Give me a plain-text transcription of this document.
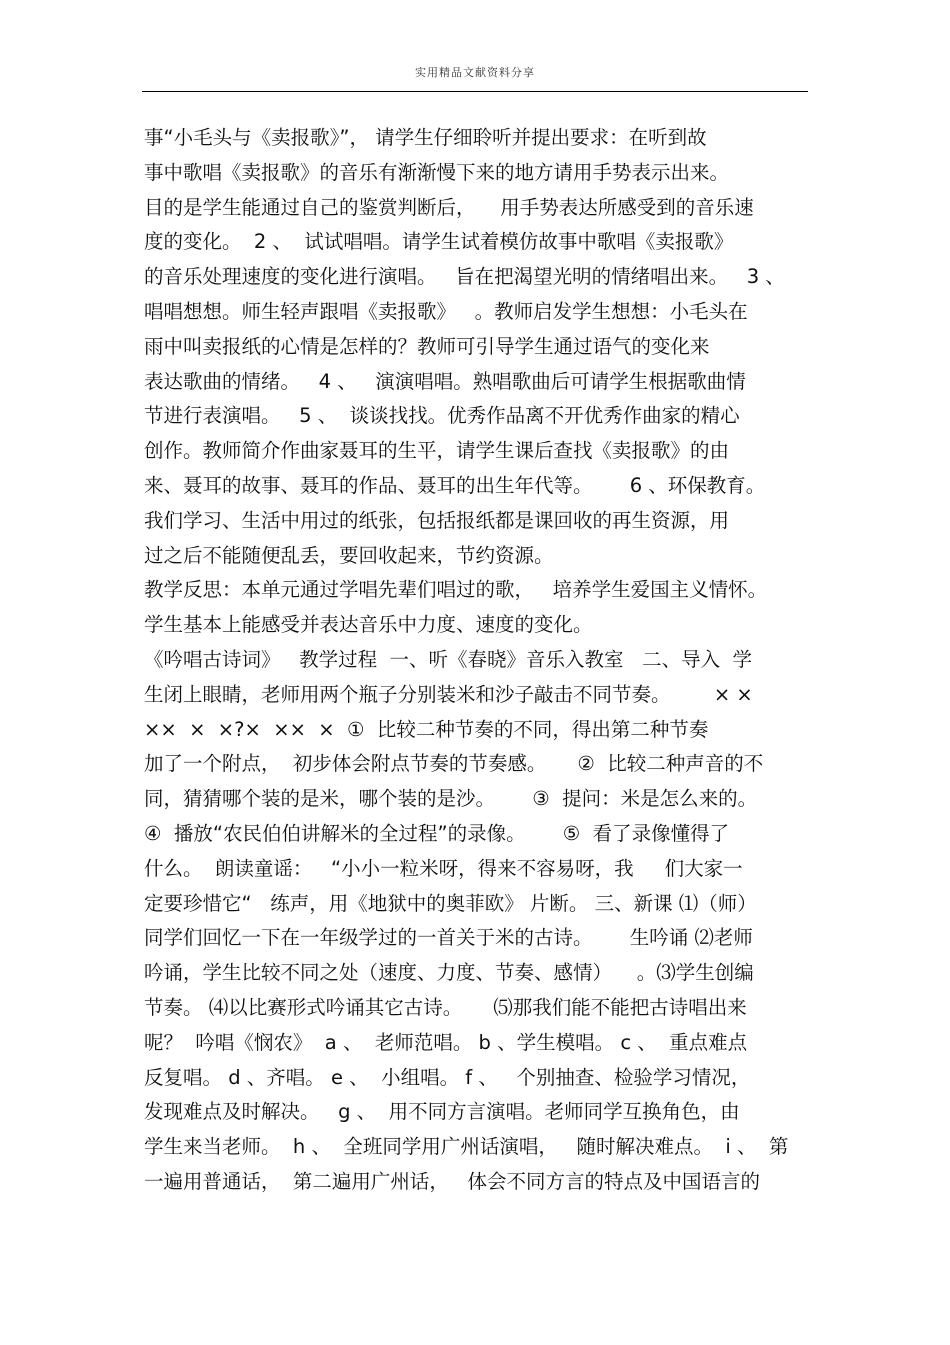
实用精品文献资料分享
事“小毛头与《卖报歌》”， 请学生仔细聆听并提出要求：在听到故
事中歌唱《卖报歌》的音乐有渐渐慢下来的地方请用手势表示出来。
目的是学生能通过自己的鉴赏判断后，    用手势表达所感受到的音乐速
度的变化。  2 、  试试唱唱。请学生试着模仿故事中歌唱《卖报歌》
的音乐处理速度的变化进行演唱。   旨在把渴望光明的情绪唱出来。   3 、
唱唱想想。师生轻声跟唱《卖报歌》   。教师启发学生想想：小毛头在
雨中叫卖报纸的心情是怎样的？教师可引导学生通过语气的变化来
表达歌曲的情绪。   4 、   演演唱唱。熟唱歌曲后可请学生根据歌曲情
节进行表演唱。   5 、  谈谈找找。优秀作品离不开优秀作曲家的精心
创作。教师简介作曲家聂耳的生平，请学生课后查找《卖报歌》的由
来、聂耳的故事、聂耳的作品、聂耳的出生年代等。      6 、环保教育。
我们学习、生活中用过的纸张，包括报纸都是课回收的再生资源，用
过之后不能随便乱丢，要回收起来，节约资源。
教学反思：本单元通过学唱先辈们唱过的歌，   培养学生爱国主义情怀。
学生基本上能感受并表达音乐中力度、速度的变化。
《吟唱古诗词》   教学过程  一、听《春晓》音乐入教室   二、导入  学
生闭上眼睛，老师用两个瓶子分别装米和沙子敲击不同节奏。       × ×
××  ×  ×?×  ××  ×  ①  比较二种节奏的不同，得出第二种节奏
加了一个附点，  初步体会附点节奏的节奏感。     ②  比较二种声音的不
同，猜猜哪个装的是米，哪个装的是沙。      ③  提问：米是怎么来的。
④  播放“农民伯伯讲解米的全过程”的录像。      ⑤  看了录像懂得了
什么。  朗读童谣：   “小小一粒米呀，得来不容易呀，我     们大家一
定要珍惜它“   练声，用《地狱中的奥菲欧》 片断。 三、新课 ⑴（师）
同学们回忆一下在一年级学过的一首关于米的古诗。      生吟诵 ⑵老师
吟诵，学生比较不同之处（速度、力度、节奏、感情）    。⑶学生创编
节奏。 ⑷以比赛形式吟诵其它古诗。     ⑸那我们能不能把古诗唱出来
呢？  吟唱《悯农》  a 、  老师范唱。 b 、学生模唱。 c 、  重点难点
反复唱。 d 、齐唱。 e 、  小组唱。 f 、   个别抽查、检验学习情况，
发现难点及时解决。   g 、  用不同方言演唱。老师同学互换角色，由
学生来当老师。  h 、  全班同学用广州话演唱，   随时解决难点。  i 、  第
一遍用普通话，  第二遍用广州话，   体会不同方言的特点及中国语言的
